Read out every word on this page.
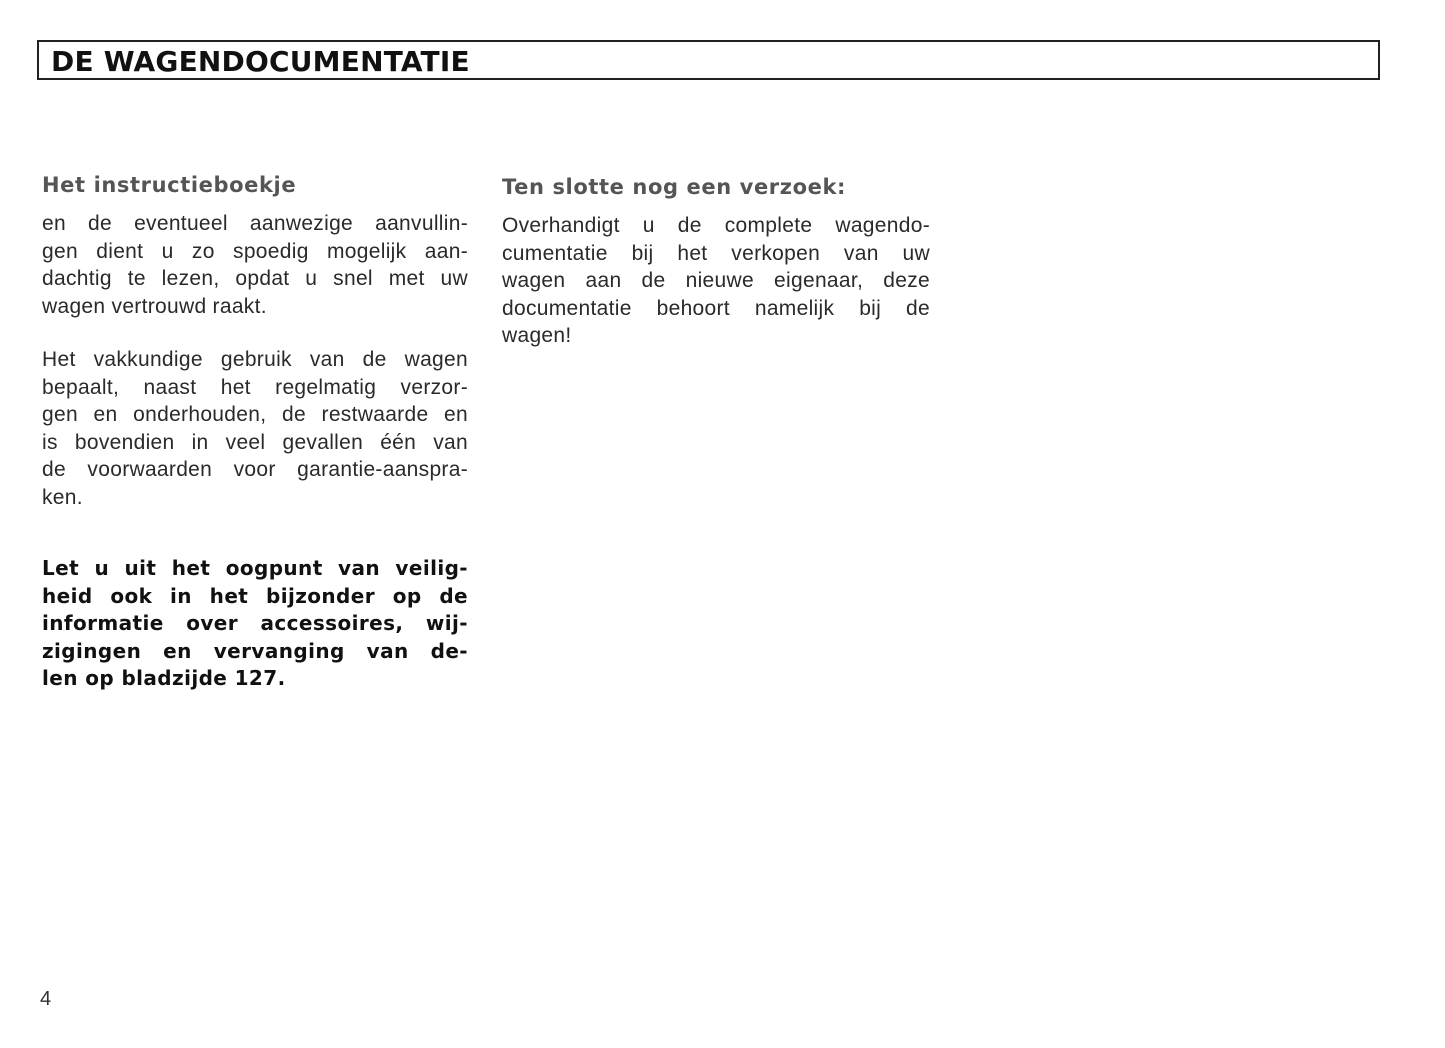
DE WAGENDOCUMENTATIE
Het instructieboekje
en de eventueel aanwezige aanvullin-
gen dient u zo spoedig mogelijk aan-
dachtig te lezen, opdat u snel met uw
wagen vertrouwd raakt.
Het vakkundige gebruik van de wagen
bepaalt, naast het regelmatig verzor-
gen en onderhouden, de restwaarde en
is bovendien in veel gevallen één van
de voorwaarden voor garantie-aanspra-
ken.
Let u uit het oogpunt van veilig-
heid ook in het bijzonder op de
informatie over accessoires, wij-
zigingen en vervanging van de-
len op bladzijde 127.
Ten slotte nog een verzoek:
Overhandigt u de complete wagendo-
cumentatie bij het verkopen van uw
wagen aan de nieuwe eigenaar, deze
documentatie behoort namelijk bij de
wagen!
4
